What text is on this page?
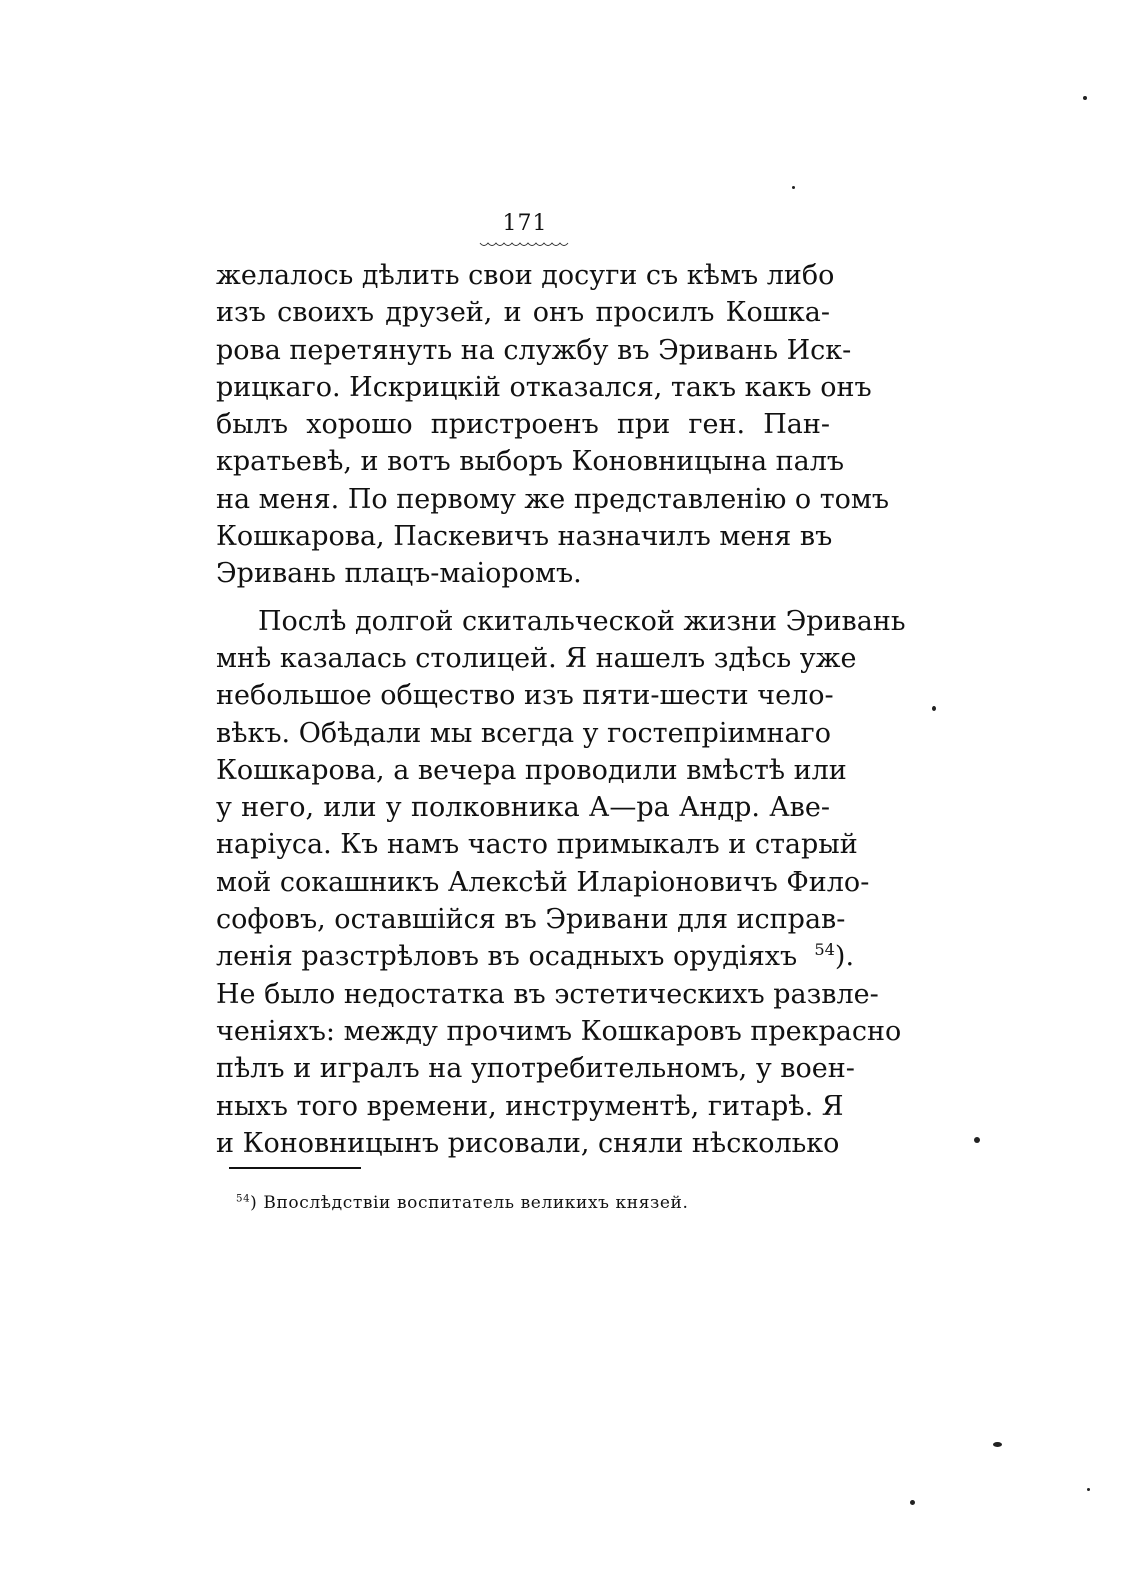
171
желалось дѣлить свои досуги съ кѣмъ либо
изъ своихъ друзей, и онъ просилъ Кошка-
рова перетянуть на службу въ Эривань Иск-
рицкаго. Искрицкій отказался, такъ какъ онъ
былъ хорошо пристроенъ при ген. Пан-
кратьевѣ, и вотъ выборъ Коновницына палъ
на меня. По первому же представленію о томъ
Кошкарова, Паскевичъ назначилъ меня въ
Эривань плацъ-маіоромъ.
Послѣ долгой скитальческой жизни Эривань
мнѣ казалась столицей. Я нашелъ здѣсь уже
небольшое общество изъ пяти-шести чело-
вѣкъ. Обѣдали мы всегда у гостепріимнаго
Кошкарова, а вечера проводили вмѣстѣ или
у него, или у полковника А—ра Андр. Аве-
наріуса. Къ намъ часто примыкалъ и старый
мой сокашникъ Алексѣй Иларіоновичъ Фило-
софовъ, оставшійся въ Эривани для исправ-
ленія разстрѣловъ въ осадныхъ орудіяхъ $^{54}$).
Не было недостатка въ эстетическихъ развле-
ченіяхъ: между прочимъ Кошкаровъ прекрасно
пѣлъ и игралъ на употребительномъ, у воен-
ныхъ того времени, инструментѣ, гитарѣ. Я
и Коновницынъ рисовали, сняли нѣсколько
$^{54}$) Впослѣдствіи воспитатель великихъ князей.
